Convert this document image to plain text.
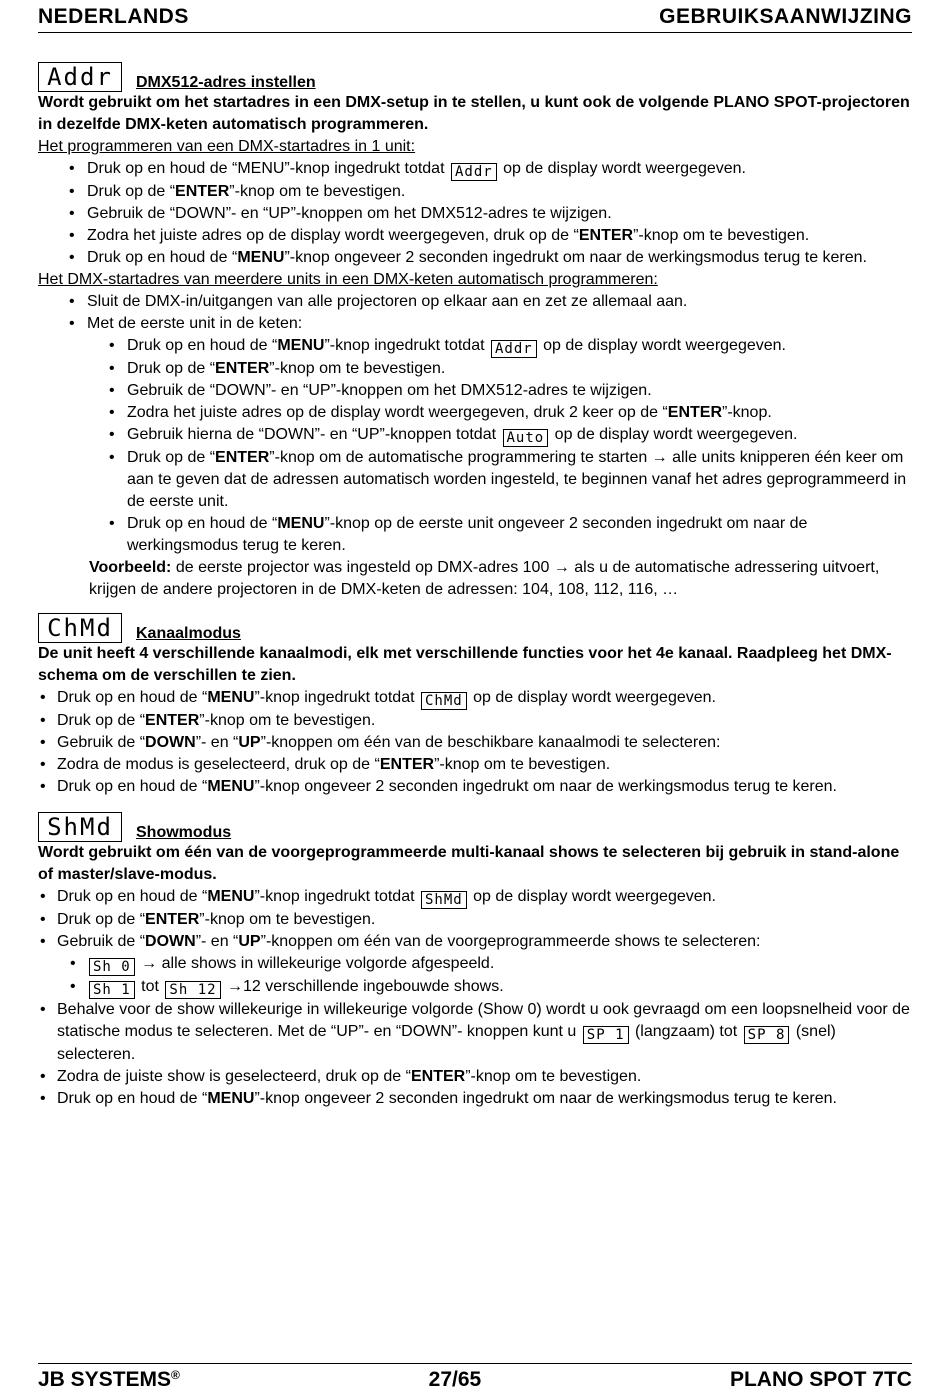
NEDERLANDS	GEBRUIKSAANWIJZING
Addr	DMX512-adres instellen

Wordt gebruikt om het startadres in een DMX-setup in te stellen, u kunt ook de volgende PLANO SPOT-projectoren in dezelfde DMX-keten automatisch programmeren.

Het programmeren van een DMX-startadres in 1 unit:

• Druk op en houd de “MENU”-knop ingedrukt totdat Addr op de display wordt weergegeven.
• Druk op de “ENTER”-knop om te bevestigen.
• Gebruik de “DOWN”- en “UP”-knoppen om het DMX512-adres te wijzigen.
• Zodra het juiste adres op de display wordt weergegeven, druk op de “ENTER”-knop om te bevestigen.
• Druk op en houd de “MENU”-knop ongeveer 2 seconden ingedrukt om naar de werkingsmodus terug te keren.

Het DMX-startadres van meerdere units in een DMX-keten automatisch programmeren:

• Sluit de DMX-in/uitgangen van alle projectoren op elkaar aan en zet ze allemaal aan.
• Met de eerste unit in de keten:
• Druk op en houd de “MENU”-knop ingedrukt totdat Addr op de display wordt weergegeven.
• Druk op de “ENTER”-knop om te bevestigen.
• Gebruik de “DOWN”- en “UP”-knoppen om het DMX512-adres te wijzigen.
• Zodra het juiste adres op de display wordt weergegeven, druk 2 keer op de “ENTER”-knop.
• Gebruik hierna de “DOWN”- en “UP”-knoppen totdat Auto op de display wordt weergegeven.
• Druk op de “ENTER”-knop om de automatische programmering te starten → alle units knipperen één keer om aan te geven dat de adressen automatisch worden ingesteld, te beginnen vanaf het adres geprogrammeerd in de eerste unit.
• Druk op en houd de “MENU”-knop op de eerste unit ongeveer 2 seconden ingedrukt om naar de werkingsmodus terug te keren.

Voorbeeld: de eerste projector was ingesteld op DMX-adres 100 → als u de automatische adressering uitvoert, krijgen de andere projectoren in de DMX-keten de adressen: 104, 108, 112, 116, …

ChMd	Kanaalmodus

De unit heeft 4 verschillende kanaalmodi, elk met verschillende functies voor het 4e kanaal. Raadpleeg het DMX-schema om de verschillen te zien.

• Druk op en houd de “MENU”-knop ingedrukt totdat ChMd op de display wordt weergegeven.
• Druk op de “ENTER”-knop om te bevestigen.
• Gebruik de “DOWN”- en “UP”-knoppen om één van de beschikbare kanaalmodi te selecteren:
• Zodra de modus is geselecteerd, druk op de “ENTER”-knop om te bevestigen.
• Druk op en houd de “MENU”-knop ongeveer 2 seconden ingedrukt om naar de werkingsmodus terug te keren.
ShMd	Showmodus

Wordt gebruikt om één van de voorgeprogrammeerde multi-kanaal shows te selecteren bij gebruik in stand-alone of master/slave-modus.

• Druk op en houd de “MENU”-knop ingedrukt totdat ShMd op de display wordt weergegeven.
• Druk op de “ENTER”-knop om te bevestigen.
• Gebruik de “DOWN”- en “UP”-knoppen om één van de voorgeprogrammeerde shows te selecteren:
• Sh 0 → alle shows in willekeurige volgorde afgespeeld.
• Sh 1 tot Sh 12 →12 verschillende ingebouwde shows.
• Behalve voor de show willekeurige in willekeurige volgorde (Show 0) wordt u ook gevraagd om een loopsnelheid voor de statische modus te selecteren. Met de “UP”- en “DOWN”- knoppen kunt u SP 1 (langzaam) tot SP 8 (snel) selecteren.
• Zodra de juiste show is geselecteerd, druk op de “ENTER”-knop om te bevestigen.
• Druk op en houd de “MENU”-knop ongeveer 2 seconden ingedrukt om naar de werkingsmodus terug te keren.
JB SYSTEMS®	27/65	PLANO SPOT 7TC
